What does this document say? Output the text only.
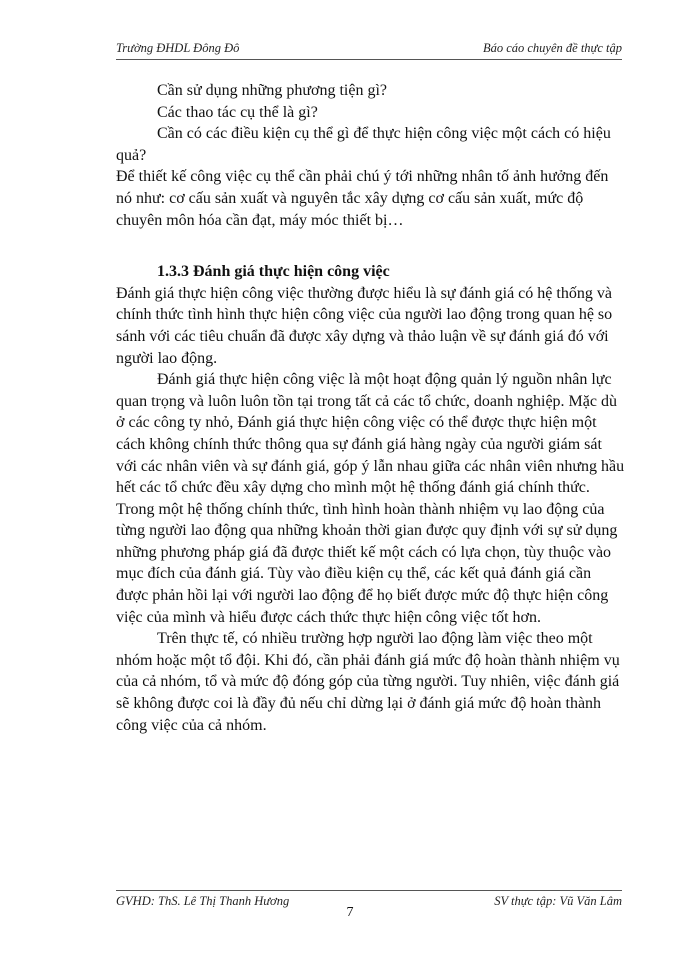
Trường ĐHDL Đông Đô	Báo cáo chuyên đề thực tập

Cần sử dụng những phương tiện gì?

Các thao tác cụ thể là gì?

Cần có các điều kiện cụ thể gì để thực hiện công việc một cách có hiệu quả?

Để thiết kế công việc cụ thể cần phải chú ý tới những nhân tố ảnh hưởng đến nó như: cơ cấu sản xuất và nguyên tắc xây dựng cơ cấu sản xuất, mức độ chuyên môn hóa cần đạt, máy móc thiết bị…

1.3.3 Đánh giá thực hiện công việc

Đánh giá thực hiện công việc thường được hiểu là sự đánh giá có hệ thống và chính thức tình hình thực hiện công việc của người lao động trong quan hệ so sánh với các tiêu chuẩn đã được xây dựng và thảo luận về sự đánh giá đó với người lao động.

Đánh giá thực hiện công việc là một hoạt động quản lý nguồn nhân lực quan trọng và luôn luôn tồn tại trong tất cả các tổ chức, doanh nghiệp. Mặc dù ở các công ty nhỏ, Đánh giá thực hiện công việc có thể được thực hiện một cách không chính thức thông qua sự đánh giá hàng ngày của người giám sát với các nhân viên và sự đánh giá, góp ý lẫn nhau giữa các nhân viên nhưng hầu hết các tổ chức đều xây dựng cho mình một hệ thống đánh giá chính thức. Trong một hệ thống chính thức, tình hình hoàn thành nhiệm vụ lao động của từng người lao động qua những khoản thời gian được quy định với sự sử dụng những phương pháp giá đã được thiết kế một cách có lựa chọn, tùy thuộc vào mục đích của đánh giá. Tùy vào điều kiện cụ thể, các kết quả đánh giá cần được phản hồi lại với người lao động để họ biết được mức độ thực hiện công việc của mình và hiểu được cách thức thực hiện công việc tốt hơn.

Trên thực tế, có nhiều trường hợp người lao động làm việc theo một nhóm hoặc một tổ đội. Khi đó, cần phải đánh giá mức độ hoàn thành nhiệm vụ của cả nhóm, tổ và mức độ đóng góp của từng người. Tuy nhiên, việc đánh giá sẽ không được coi là đầy đủ nếu chỉ dừng lại ở đánh giá mức độ hoàn thành công việc của cả nhóm.

GVHD: ThS. Lê Thị Thanh Hương	SV thực tập: Vũ Văn Lâm
7
